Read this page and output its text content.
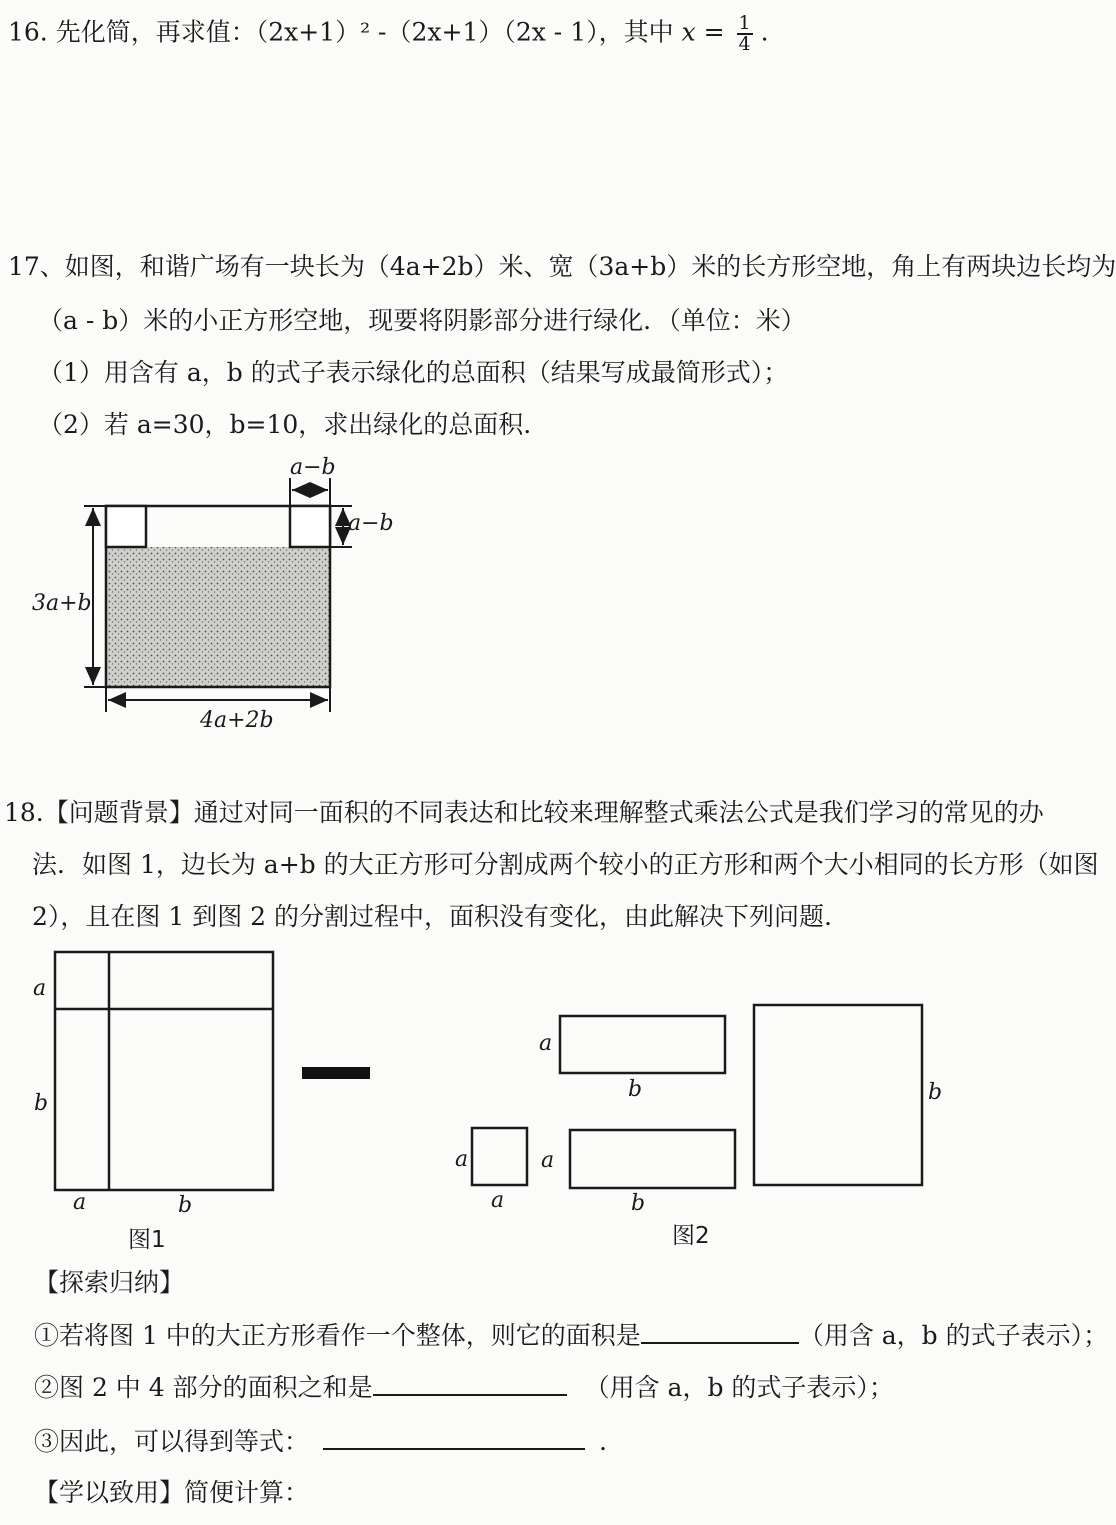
16. 先化简，再求值：（2x+1）² -（2x+1）（2x - 1），其中 $x = \frac{1}{4}$ .
17、如图，和谐广场有一块长为（4a+2b）米、宽（3a+b）米的长方形空地，角上有两块边长均为
（a - b）米的小正方形空地，现要将阴影部分进行绿化．（单位：米）
（1）用含有 a，b 的式子表示绿化的总面积（结果写成最简形式）；
（2）若 a=30，b=10，求出绿化的总面积.
18.【问题背景】通过对同一面积的不同表达和比较来理解整式乘法公式是我们学习的常见的办
法．如图 1，边长为 a+b 的大正方形可分割成两个较小的正方形和两个大小相同的长方形（如图
2），且在图 1 到图 2 的分割过程中，面积没有变化，由此解决下列问题.
a−b
a−b
3a+b
4a+2b
a
b
a	b
图1
a
b
a
a
a
b
b
图2
【探索归纳】
①若将图 1 中的大正方形看作一个整体，则它的面积是	（用含 a，b 的式子表示）；
②图 2 中 4 部分的面积之和是	（用含 a，b 的式子表示）；
③因此，可以得到等式：	.
【学以致用】简便计算：
